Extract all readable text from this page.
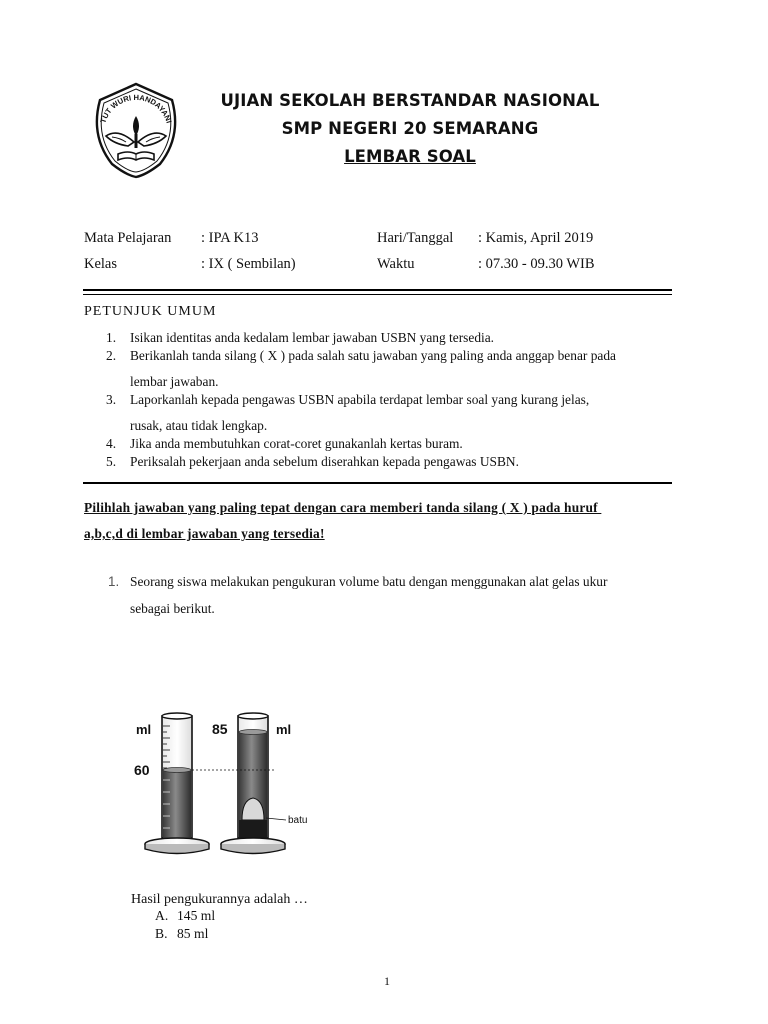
TUT WURI HANDAYANI
UJIAN SEKOLAH BERSTANDAR NASIONAL
SMP NEGERI 20 SEMARANG
LEMBAR SOAL
Mata Pelajaran : IPA K13	Hari/Tanggal : Kamis, April 2019
Kelas	: IX ( Sembilan)	Waktu	: 07.30 - 09.30 WIB
PETUNJUK UMUM
1. Isikan identitas anda kedalam lembar jawaban USBN yang tersedia.
2. Berikanlah tanda silang ( X ) pada salah satu jawaban yang paling anda anggap benar pada
lembar jawaban.
3. Laporkanlah kepada pengawas USBN apabila terdapat lembar soal yang kurang jelas,
rusak, atau tidak lengkap.
4. Jika anda membutuhkan corat-coret gunakanlah kertas buram.
5. Periksalah pekerjaan anda sebelum diserahkan kepada pengawas USBN.
Pilihlah jawaban yang paling tepat dengan cara memberi tanda silang ( X ) pada huruf
a,b,c,d di lembar jawaban yang tersedia!
1. Seorang siswa melakukan pengukuran volume batu dengan menggunakan alat gelas ukur
sebagai berikut.
ml
60
85	ml
batu
Hasil pengukurannya adalah …
A. 145 ml
B. 85 ml
1
